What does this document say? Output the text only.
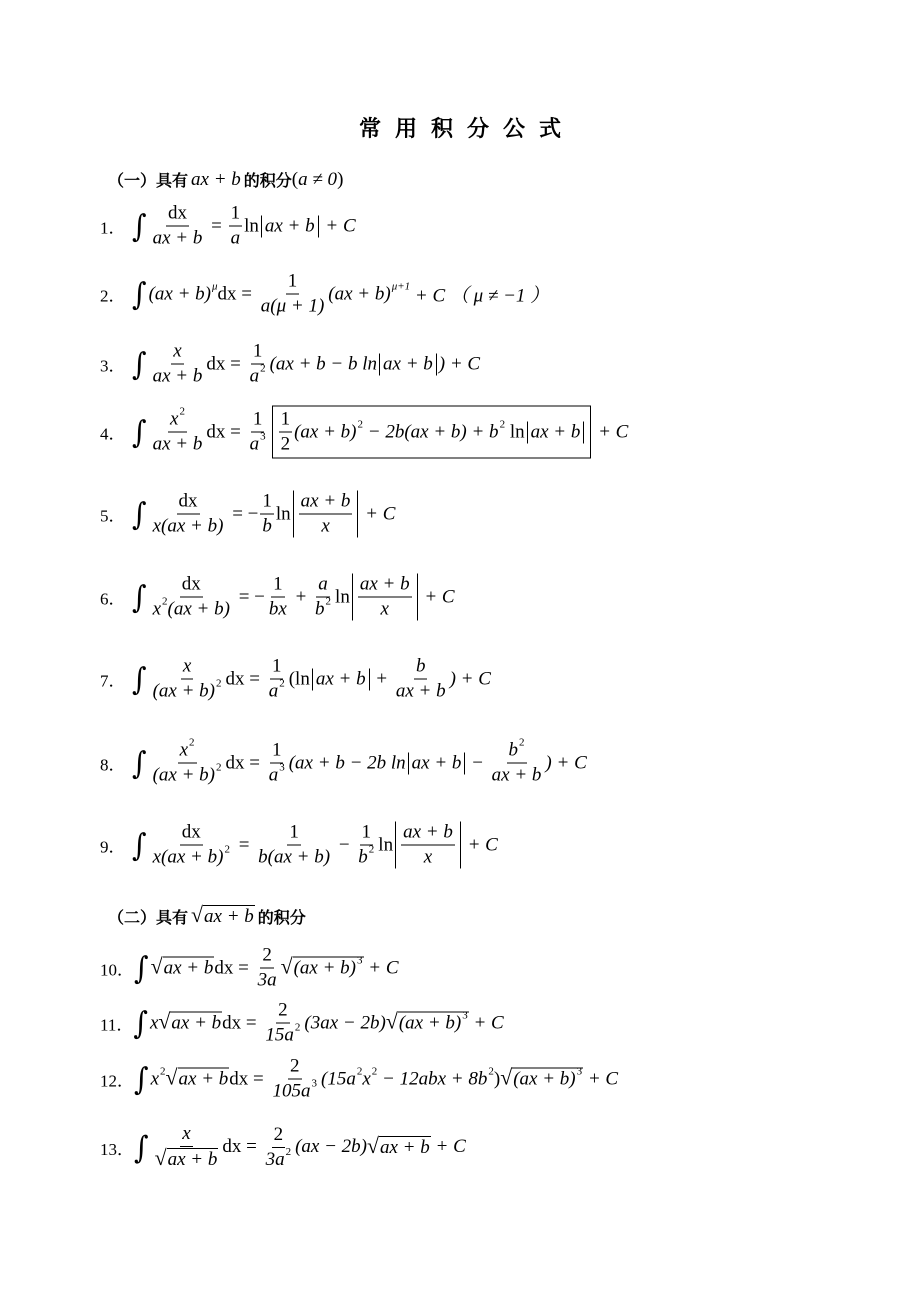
常用积分公式
（一）具有 ax + b 的积分 ( a ≠ 0 )
（二）具有 √ ax + b 的积分
1． ∫ $\frac{dx}{ax + b} = \frac{1}{a}$ ln ax + b + C
2． ∫ (ax + b) μ dx = $\frac{1}{a(\mu + 1)} (ax + b) \mu+1 + C$ （ μ ≠ −1 ）
3． ∫ $\frac{x}{ax + b}$ dx = $\frac{1}{a 2} (ax + b - b$ ln ax + b ) + C
4． ∫ $\frac{x 2}{ax + b}$ dx = $\frac{1}{a 3} \frac{1}{2} (ax + b) 2 - 2b(ax + b) + b$ 2 ln ax + b + C
5． ∫ $\frac{dx}{x(ax + b)}$ = − $\frac{1}{b}$ $\ln \frac{ax + b}{x} + C$
6． ∫ $\frac{dx}{x 2 (ax + b)}$ = − $\frac{1}{bx} + \frac{a}{b 2}$ $\ln \frac{ax + b}{x} + C$
7． ∫ $\frac{x}{(ax + b) 2}$ dx = $\frac{1}{a 2} (\ln$ ax + $b + \frac{b}{ax + b}$ ) + C
8． ∫ $\frac{x 2}{(ax + b) 2}$ dx = $\frac{1}{a 3} (ax + b - 2b$ ln ax + $b - \frac{b 2}{ax + b}$ ) + C
9． ∫ $\frac{dx}{x(ax + b) 2} = \frac{1}{b(ax + b)} - \frac{1}{b 2}$ $\ln \frac{ax + b}{x} + C$
10． ∫ √ ax + b dx = $\frac{2}{3a}$ √ (ax + b) 3 + C
11． ∫ x √ ax + b dx = $\frac{2}{15a 2} (3ax - 2b)$ √ (ax + b) 3 + C
12． ∫ x 2 √ ax + b dx = $\frac{2}{105a 3} (15a$ 2 x 2 − 12abx + 8b 2 ) √ (ax + b) 3 + C
13． ∫ $\frac{x}{√ ax + b}$ dx = $\frac{2}{3a 2} (ax - 2b)$ √ ax + b + C
